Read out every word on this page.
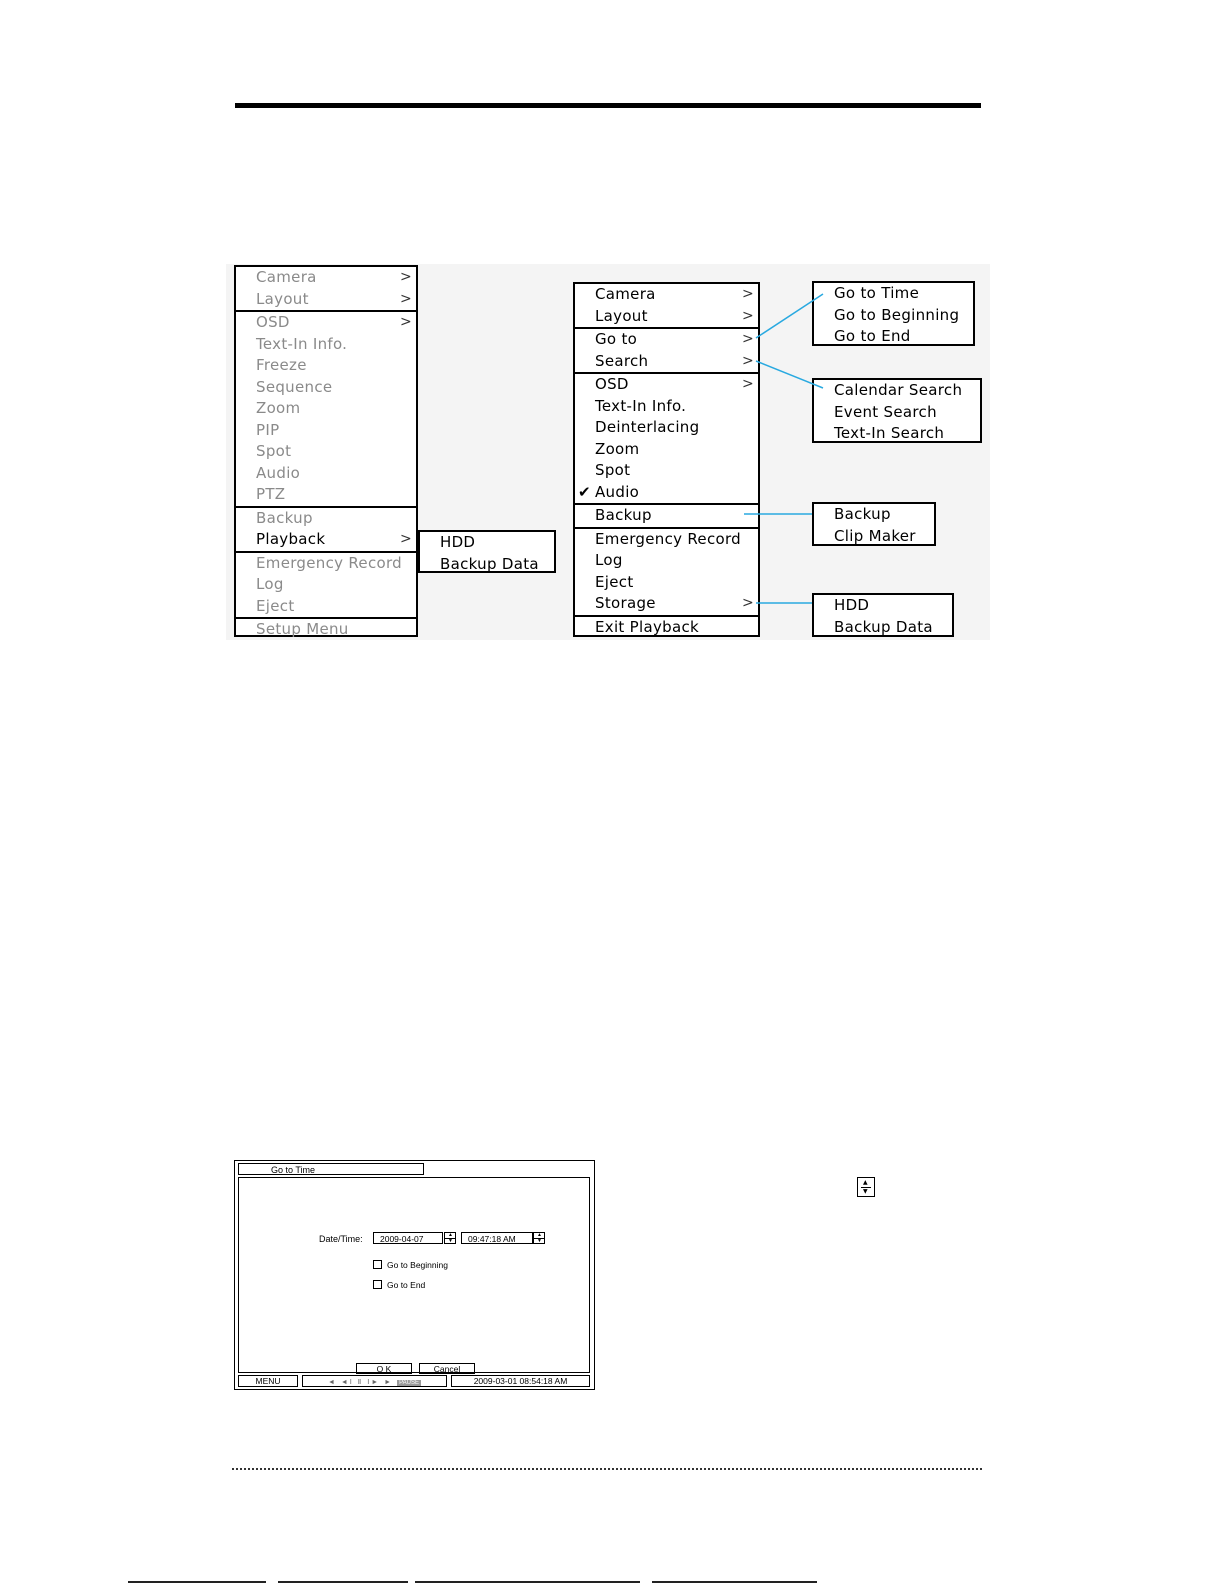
Camera	>
Layout	>
OSD	>
Text-In Info.
Freeze
Sequence
Zoom
PIP
Spot
Audio
PTZ
Backup
Playback	>
Emergency Record
Log
Eject
Setup Menu
HDD
Backup Data
Camera	>
Layout	>
Go to	>
Search	>
OSD	>
Text-In Info.
Deinterlacing
Zoom
Spot
✔ Audio
Backup
Emergency Record
Log
Eject
Storage	>
Exit Playback
Go to Time
Go to Beginning
Go to End
Calendar Search
Event Search
Text-In Search
Backup
Clip Maker
HDD
Backup Data
Go to Time
Date/Time:	2009-04-07	▲
▼	09:47:18 AM	▲
▼
Go to Beginning
Go to End
O K	Cancel
MENU	◄ ◄Ⅰ Ⅱ Ⅰ► ► PAUSE	2009-03-01 08:54:18 AM
▲
▼
